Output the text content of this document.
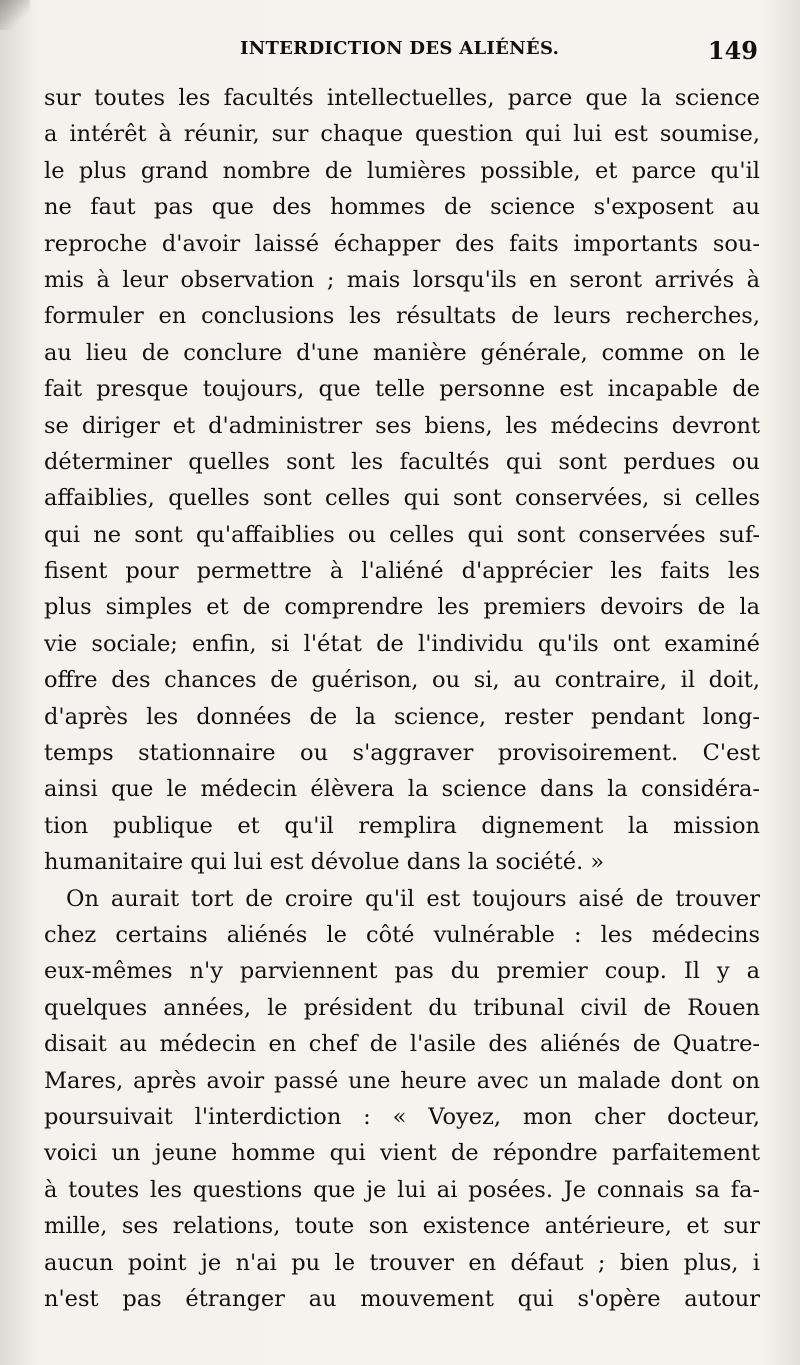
INTERDICTION DES ALIÉNÉS.	149
sur toutes les facultés intellectuelles, parce que la science
a intérêt à réunir, sur chaque question qui lui est soumise,
le plus grand nombre de lumières possible, et parce qu'il
ne faut pas que des hommes de science s'exposent au
reproche d'avoir laissé échapper des faits importants sou-
mis à leur observation ; mais lorsqu'ils en seront arrivés à
formuler en conclusions les résultats de leurs recherches,
au lieu de conclure d'une manière générale, comme on le
fait presque toujours, que telle personne est incapable de
se diriger et d'administrer ses biens, les médecins devront
déterminer quelles sont les facultés qui sont perdues ou
affaiblies, quelles sont celles qui sont conservées, si celles
qui ne sont qu'affaiblies ou celles qui sont conservées suf-
fisent pour permettre à l'aliéné d'apprécier les faits les
plus simples et de comprendre les premiers devoirs de la
vie sociale; enfin, si l'état de l'individu qu'ils ont examiné
offre des chances de guérison, ou si, au contraire, il doit,
d'après les données de la science, rester pendant long-
temps stationnaire ou s'aggraver provisoirement. C'est
ainsi que le médecin élèvera la science dans la considéra-
tion publique et qu'il remplira dignement la mission
humanitaire qui lui est dévolue dans la société. »
On aurait tort de croire qu'il est toujours aisé de trouver
chez certains aliénés le côté vulnérable : les médecins
eux-mêmes n'y parviennent pas du premier coup. Il y a
quelques années, le président du tribunal civil de Rouen
disait au médecin en chef de l'asile des aliénés de Quatre-
Mares, après avoir passé une heure avec un malade dont on
poursuivait l'interdiction : « Voyez, mon cher docteur,
voici un jeune homme qui vient de répondre parfaitement
à toutes les questions que je lui ai posées. Je connais sa fa-
mille, ses relations, toute son existence antérieure, et sur
aucun point je n'ai pu le trouver en défaut ; bien plus, i
n'est pas étranger au mouvement qui s'opère autour
